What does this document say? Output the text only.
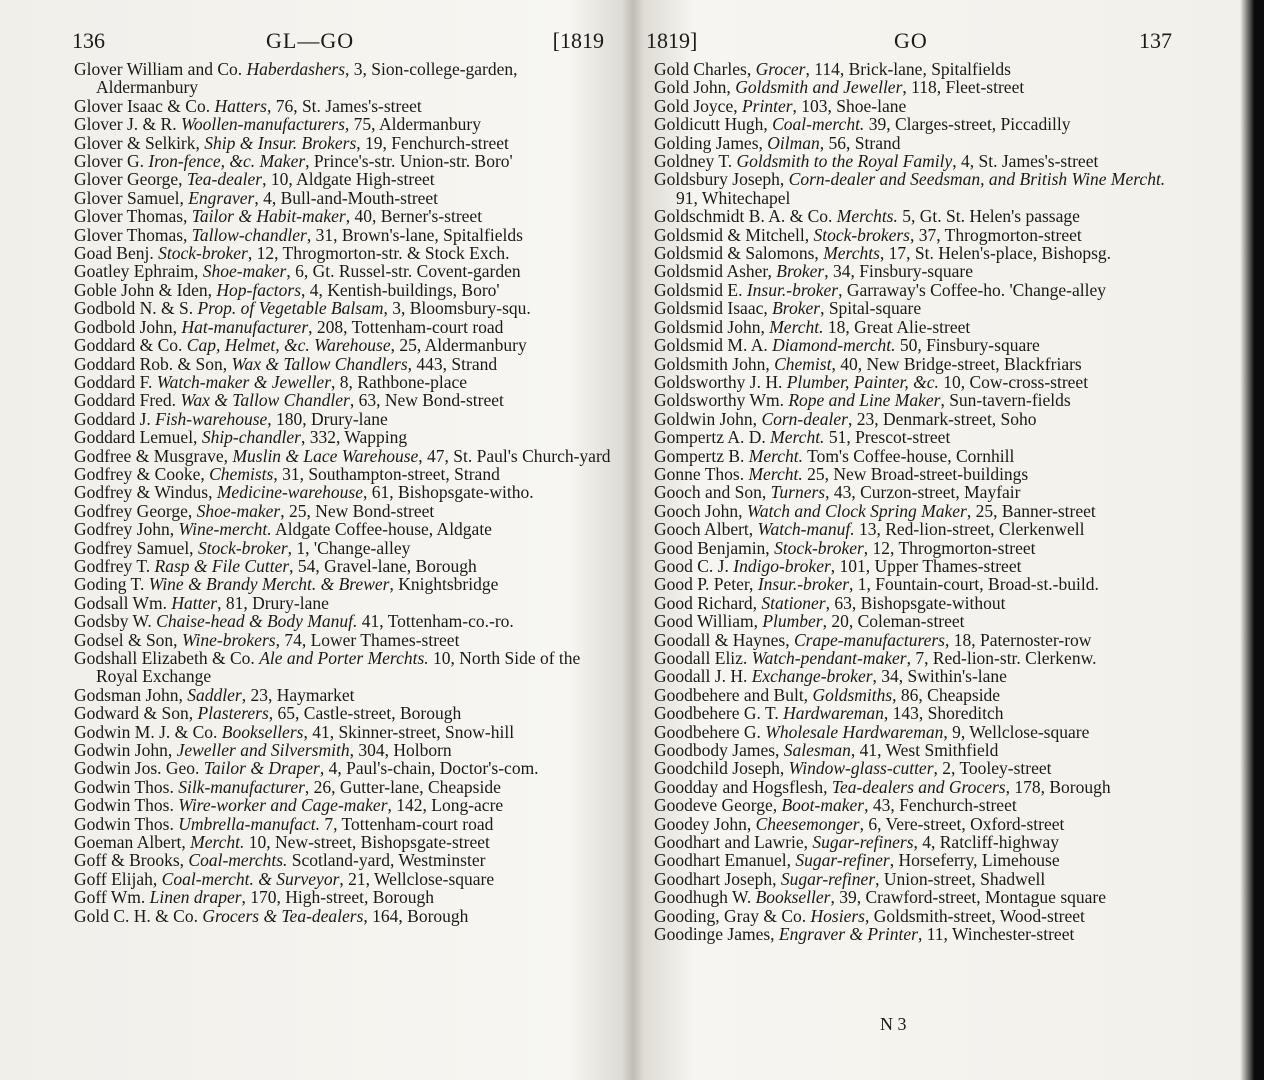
136	GL—GO	[1819
Glover William and Co. Haberdashers, 3, Sion-college-garden, Aldermanbury
Glover Isaac & Co. Hatters, 76, St. James's-street
Glover J. & R. Woollen-manufacturers, 75, Aldermanbury
Glover & Selkirk, Ship & Insur. Brokers, 19, Fenchurch-street
Glover G. Iron-fence, &c. Maker, Prince's-str. Union-str. Boro'
Glover George, Tea-dealer, 10, Aldgate High-street
Glover Samuel, Engraver, 4, Bull-and-Mouth-street
Glover Thomas, Tailor & Habit-maker, 40, Berner's-street
Glover Thomas, Tallow-chandler, 31, Brown's-lane, Spitalfields
Goad Benj. Stock-broker, 12, Throgmorton-str. & Stock Exch.
Goatley Ephraim, Shoe-maker, 6, Gt. Russel-str. Covent-garden
Goble John & Iden, Hop-factors, 4, Kentish-buildings, Boro'
Godbold N. & S. Prop. of Vegetable Balsam, 3, Bloomsbury-squ.
Godbold John, Hat-manufacturer, 208, Tottenham-court road
Goddard & Co. Cap, Helmet, &c. Warehouse, 25, Aldermanbury
Goddard Rob. & Son, Wax & Tallow Chandlers, 443, Strand
Goddard F. Watch-maker & Jeweller, 8, Rathbone-place
Goddard Fred. Wax & Tallow Chandler, 63, New Bond-street
Goddard J. Fish-warehouse, 180, Drury-lane
Goddard Lemuel, Ship-chandler, 332, Wapping
Godfree & Musgrave, Muslin & Lace Warehouse, 47, St. Paul's Church-yard
Godfrey & Cooke, Chemists, 31, Southampton-street, Strand
Godfrey & Windus, Medicine-warehouse, 61, Bishopsgate-witho.
Godfrey George, Shoe-maker, 25, New Bond-street
Godfrey John, Wine-mercht. Aldgate Coffee-house, Aldgate
Godfrey Samuel, Stock-broker, 1, 'Change-alley
Godfrey T. Rasp & File Cutter, 54, Gravel-lane, Borough
Goding T. Wine & Brandy Mercht. & Brewer, Knightsbridge
Godsall Wm. Hatter, 81, Drury-lane
Godsby W. Chaise-head & Body Manuf. 41, Tottenham-co.-ro.
Godsel & Son, Wine-brokers, 74, Lower Thames-street
Godshall Elizabeth & Co. Ale and Porter Merchts. 10, North Side of the Royal Exchange
Godsman John, Saddler, 23, Haymarket
Godward & Son, Plasterers, 65, Castle-street, Borough
Godwin M. J. & Co. Booksellers, 41, Skinner-street, Snow-hill
Godwin John, Jeweller and Silversmith, 304, Holborn
Godwin Jos. Geo. Tailor & Draper, 4, Paul's-chain, Doctor's-com.
Godwin Thos. Silk-manufacturer, 26, Gutter-lane, Cheapside
Godwin Thos. Wire-worker and Cage-maker, 142, Long-acre
Godwin Thos. Umbrella-manufact. 7, Tottenham-court road
Goeman Albert, Mercht. 10, New-street, Bishopsgate-street
Goff & Brooks, Coal-merchts. Scotland-yard, Westminster
Goff Elijah, Coal-mercht. & Surveyor, 21, Wellclose-square
Goff Wm. Linen draper, 170, High-street, Borough
Gold C. H. & Co. Grocers & Tea-dealers, 164, Borough
1819]	GO	137
Gold Charles, Grocer, 114, Brick-lane, Spitalfields
Gold John, Goldsmith and Jeweller, 118, Fleet-street
Gold Joyce, Printer, 103, Shoe-lane
Goldicutt Hugh, Coal-mercht. 39, Clarges-street, Piccadilly
Golding James, Oilman, 56, Strand
Goldney T. Goldsmith to the Royal Family, 4, St. James's-street
Goldsbury Joseph, Corn-dealer and Seedsman, and British Wine Mercht. 91, Whitechapel
Goldschmidt B. A. & Co. Merchts. 5, Gt. St. Helen's passage
Goldsmid & Mitchell, Stock-brokers, 37, Throgmorton-street
Goldsmid & Salomons, Merchts, 17, St. Helen's-place, Bishopsg.
Goldsmid Asher, Broker, 34, Finsbury-square
Goldsmid E. Insur.-broker, Garraway's Coffee-ho. 'Change-alley
Goldsmid Isaac, Broker, Spital-square
Goldsmid John, Mercht. 18, Great Alie-street
Goldsmid M. A. Diamond-mercht. 50, Finsbury-square
Goldsmith John, Chemist, 40, New Bridge-street, Blackfriars
Goldsworthy J. H. Plumber, Painter, &c. 10, Cow-cross-street
Goldsworthy Wm. Rope and Line Maker, Sun-tavern-fields
Goldwin John, Corn-dealer, 23, Denmark-street, Soho
Gompertz A. D. Mercht. 51, Prescot-street
Gompertz B. Mercht. Tom's Coffee-house, Cornhill
Gonne Thos. Mercht. 25, New Broad-street-buildings
Gooch and Son, Turners, 43, Curzon-street, Mayfair
Gooch John, Watch and Clock Spring Maker, 25, Banner-street
Gooch Albert, Watch-manuf. 13, Red-lion-street, Clerkenwell
Good Benjamin, Stock-broker, 12, Throgmorton-street
Good C. J. Indigo-broker, 101, Upper Thames-street
Good P. Peter, Insur.-broker, 1, Fountain-court, Broad-st.-build.
Good Richard, Stationer, 63, Bishopsgate-without
Good William, Plumber, 20, Coleman-street
Goodall & Haynes, Crape-manufacturers, 18, Paternoster-row
Goodall Eliz. Watch-pendant-maker, 7, Red-lion-str. Clerkenw.
Goodall J. H. Exchange-broker, 34, Swithin's-lane
Goodbehere and Bult, Goldsmiths, 86, Cheapside
Goodbehere G. T. Hardwareman, 143, Shoreditch
Goodbehere G. Wholesale Hardwareman, 9, Wellclose-square
Goodbody James, Salesman, 41, West Smithfield
Goodchild Joseph, Window-glass-cutter, 2, Tooley-street
Goodday and Hogsflesh, Tea-dealers and Grocers, 178, Borough
Goodeve George, Boot-maker, 43, Fenchurch-street
Goodey John, Cheesemonger, 6, Vere-street, Oxford-street
Goodhart and Lawrie, Sugar-refiners, 4, Ratcliff-highway
Goodhart Emanuel, Sugar-refiner, Horseferry, Limehouse
Goodhart Joseph, Sugar-refiner, Union-street, Shadwell
Goodhugh W. Bookseller, 39, Crawford-street, Montague square
Gooding, Gray & Co. Hosiers, Goldsmith-street, Wood-street
Goodinge James, Engraver & Printer, 11, Winchester-street
N 3
